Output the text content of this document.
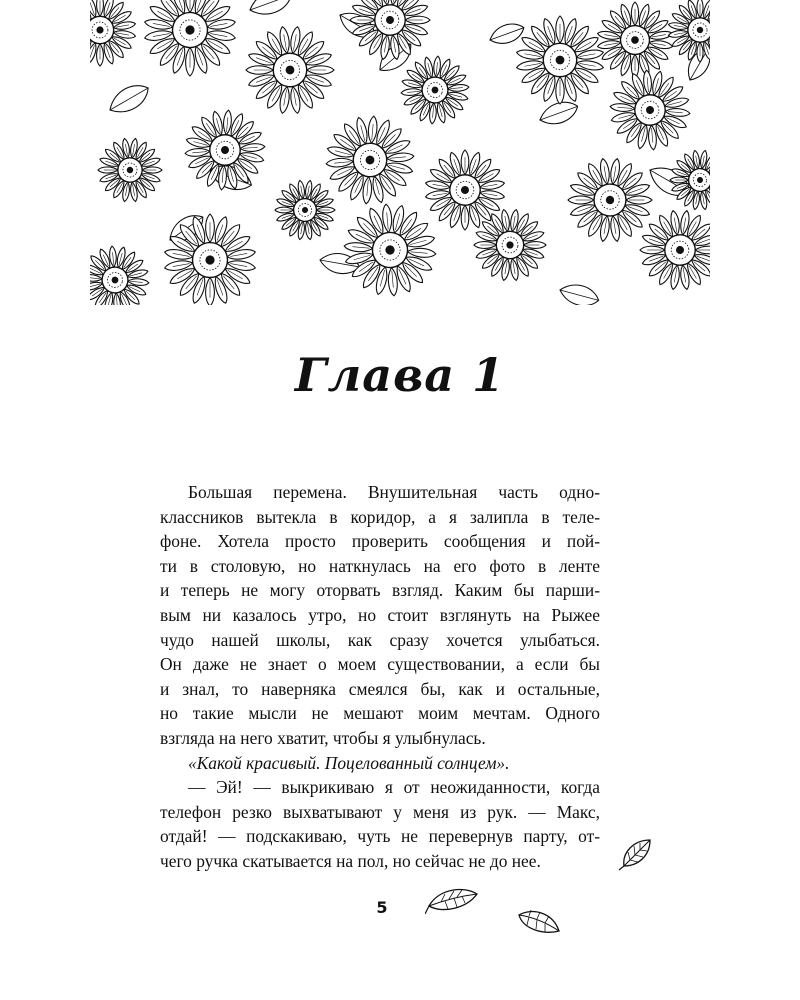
Глава 1
Большая перемена. Внушительная часть одно-
классников вытекла в коридор, а я залипла в теле-
фоне. Хотела просто проверить сообщения и пой-
ти в столовую, но наткнулась на его фото в ленте
и теперь не могу оторвать взгляд. Каким бы парши-
вым ни казалось утро, но стоит взглянуть на Рыжее
чудо нашей школы, как сразу хочется улыбаться.
Он даже не знает о моем существовании, а если бы
и знал, то наверняка смеялся бы, как и остальные,
но такие мысли не мешают моим мечтам. Одного
взгляда на него хватит, чтобы я улыбнулась.
«Какой красивый. Поцелованный солнцем».
— Эй! — выкрикиваю я от неожиданности, когда
телефон резко выхватывают у меня из рук. — Макс,
отдай! — подскакиваю, чуть не перевернув парту, от-
чего ручка скатывается на пол, но сейчас не до нее.
5
